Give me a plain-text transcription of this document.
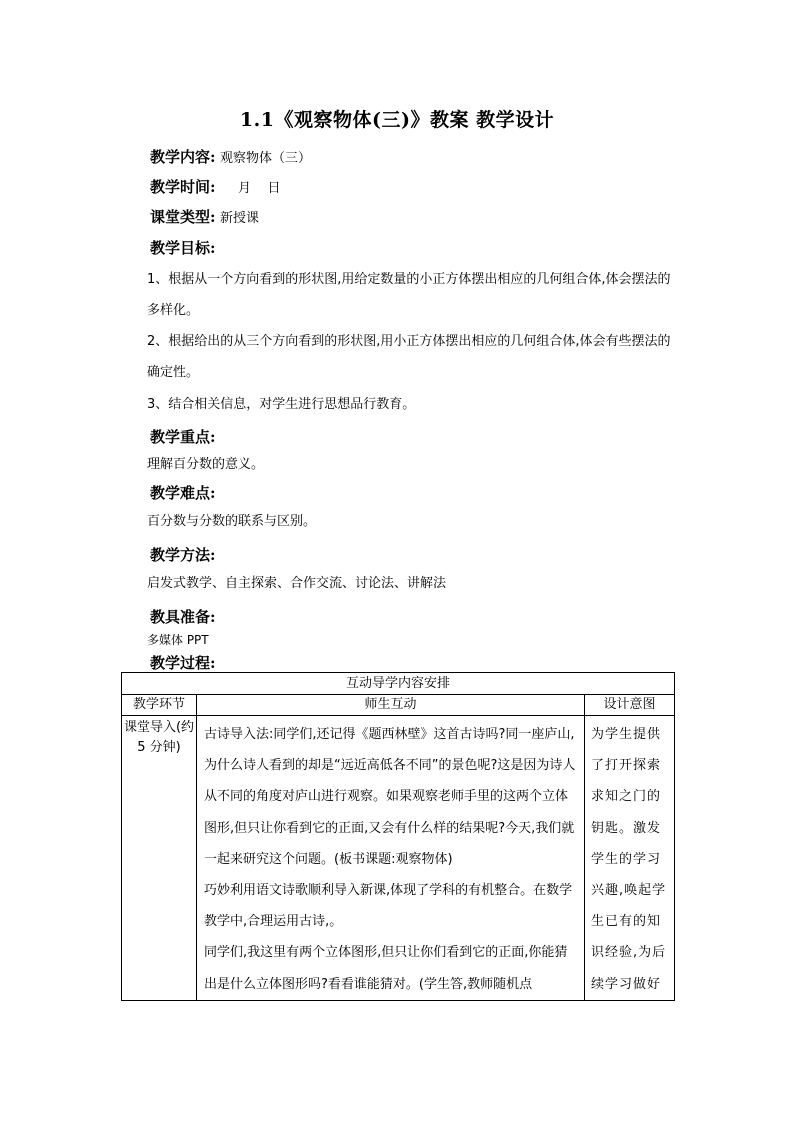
1.1《观察物体(三)》教案 教学设计
教学内容: 观察物体（三）
教学时间: 月    日
课堂类型: 新授课
教学目标:
1、根据从一个方向看到的形状图,用给定数量的小正方体摆出相应的几何组合体,体会摆法的多样化。
2、根据给出的从三个方向看到的形状图,用小正方体摆出相应的几何组合体,体会有些摆法的确定性。
3、结合相关信息，对学生进行思想品行教育。
教学重点:
理解百分数的意义。
教学难点:
百分数与分数的联系与区别。
教学方法:
启发式教学、自主探索、合作交流、讨论法、讲解法
教具准备:
多媒体 PPT
教学过程:
互动导学内容安排		
教学环节	师生互动	设计意图
课堂导入(约 5 分钟)	古诗导入法:同学们,还记得《题西林壁》这首古诗吗?同一座庐山,为什么诗人看到的却是“远近高低各不同”的景色呢?这是因为诗人从不同的角度对庐山进行观察。如果观察老师手里的这两个立体图形,但只让你看到它的正面,又会有什么样的结果呢?今天,我们就一起来研究这个问题。(板书课题:观察物体)

巧妙利用语文诗歌顺利导入新课,体现了学科的有机整合。在数学教学中,合理运用古诗,。

同学们,我这里有两个立体图形,但只让你们看到它的正面,你能猜出是什么立体图形吗?看看谁能猜对。(学生答,教师随机点	为学生提供了打开探索求知之门的钥匙。激发学生的学习兴趣,唤起学生已有的知识经验,为后续学习做好
